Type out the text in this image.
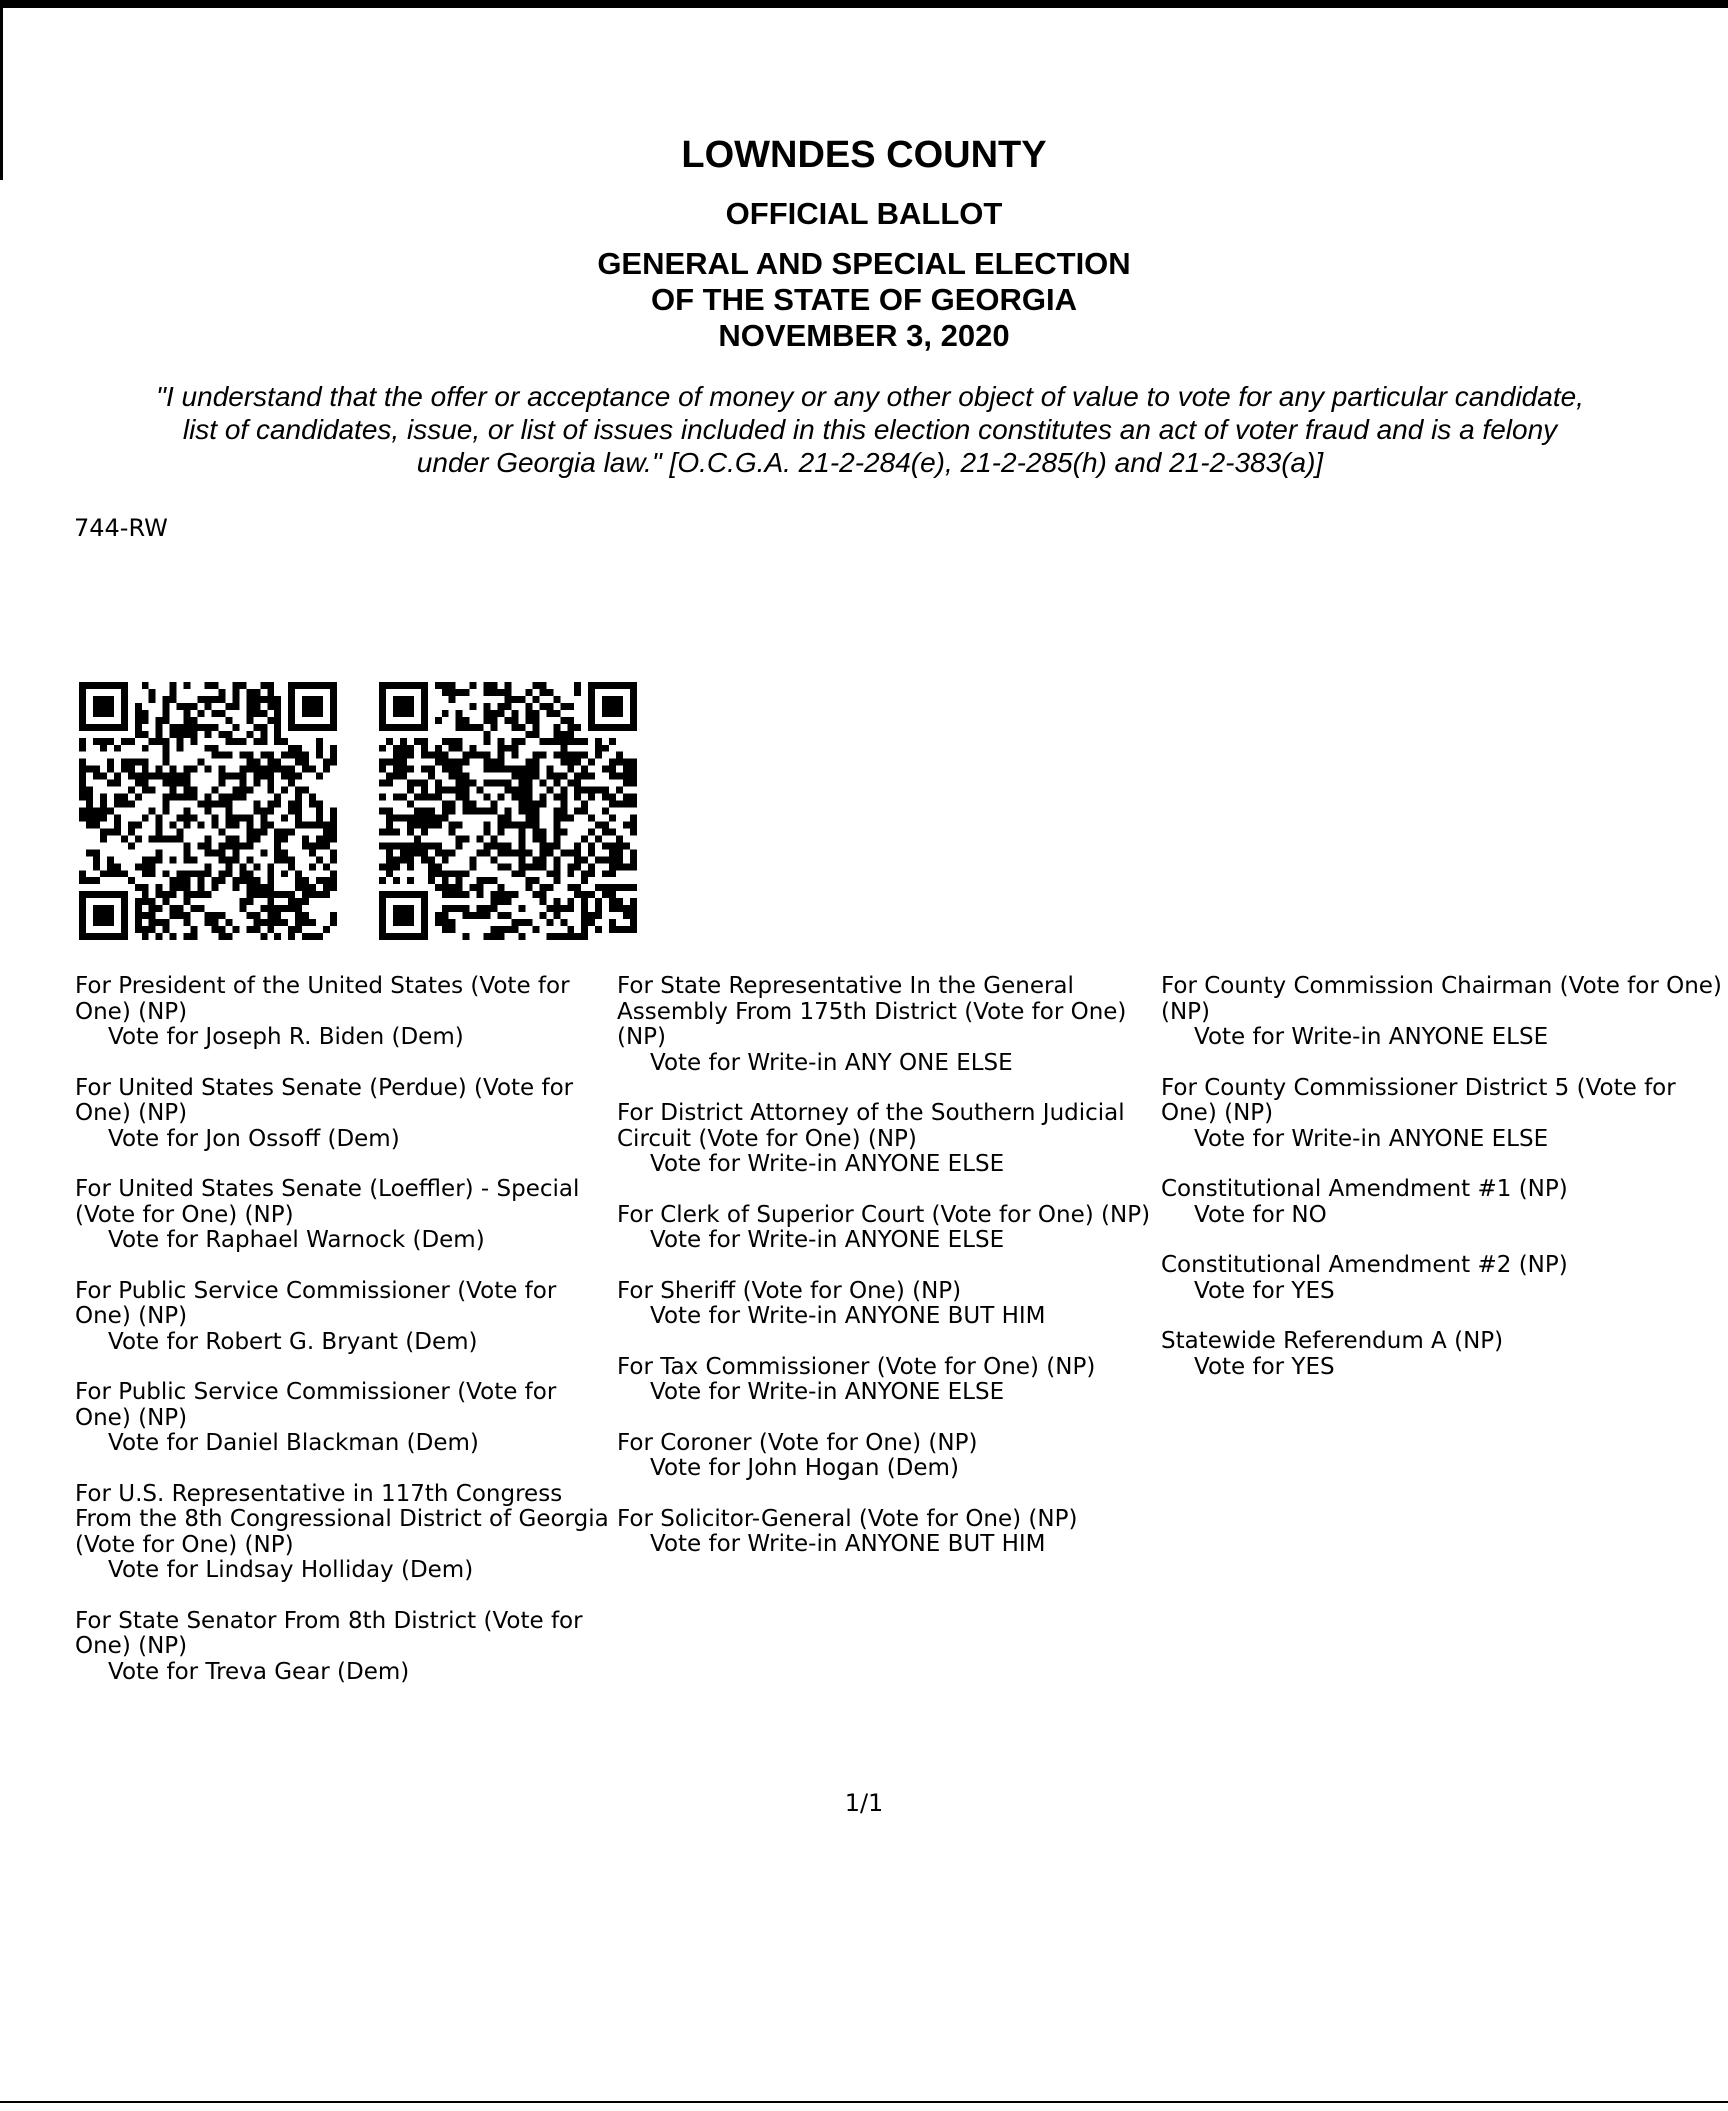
LOWNDES COUNTY
OFFICIAL BALLOT
GENERAL AND SPECIAL ELECTION
OF THE STATE OF GEORGIA
NOVEMBER 3, 2020
"I understand that the offer or acceptance of money or any other object of value to vote for any particular candidate,
list of candidates, issue, or list of issues included in this election constitutes an act of voter fraud and is a felony
under Georgia law." [O.C.G.A. 21-2-284(e), 21-2-285(h) and 21-2-383(a)]
744-RW
For President of the United States (Vote for One) (NP)
Vote for Joseph R. Biden (Dem)
For United States Senate (Perdue) (Vote for One) (NP)
Vote for Jon Ossoff (Dem)
For United States Senate (Loeffler) - Special (Vote for One) (NP)
Vote for Raphael Warnock (Dem)
For Public Service Commissioner (Vote for One) (NP)
Vote for Robert G. Bryant (Dem)
For Public Service Commissioner (Vote for One) (NP)
Vote for Daniel Blackman (Dem)
For U.S. Representative in 117th Congress From the 8th Congressional District of Georgia (Vote for One) (NP)
Vote for Lindsay Holliday (Dem)
For State Senator From 8th District (Vote for One) (NP)
Vote for Treva Gear (Dem)
For State Representative In the General Assembly From 175th District (Vote for One) (NP)
Vote for Write-in ANY ONE ELSE
For District Attorney of the Southern Judicial Circuit (Vote for One) (NP)
Vote for Write-in ANYONE ELSE
For Clerk of Superior Court (Vote for One) (NP)
Vote for Write-in ANYONE ELSE
For Sheriff (Vote for One) (NP)
Vote for Write-in ANYONE BUT HIM
For Tax Commissioner (Vote for One) (NP)
Vote for Write-in ANYONE ELSE
For Coroner (Vote for One) (NP)
Vote for John Hogan (Dem)
For Solicitor-General (Vote for One) (NP)
Vote for Write-in ANYONE BUT HIM
For County Commission Chairman (Vote for One) (NP)
Vote for Write-in ANYONE ELSE
For County Commissioner District 5 (Vote for One) (NP)
Vote for Write-in ANYONE ELSE
Constitutional Amendment #1 (NP)
Vote for NO
Constitutional Amendment #2 (NP)
Vote for YES
Statewide Referendum A (NP)
Vote for YES
1/1
